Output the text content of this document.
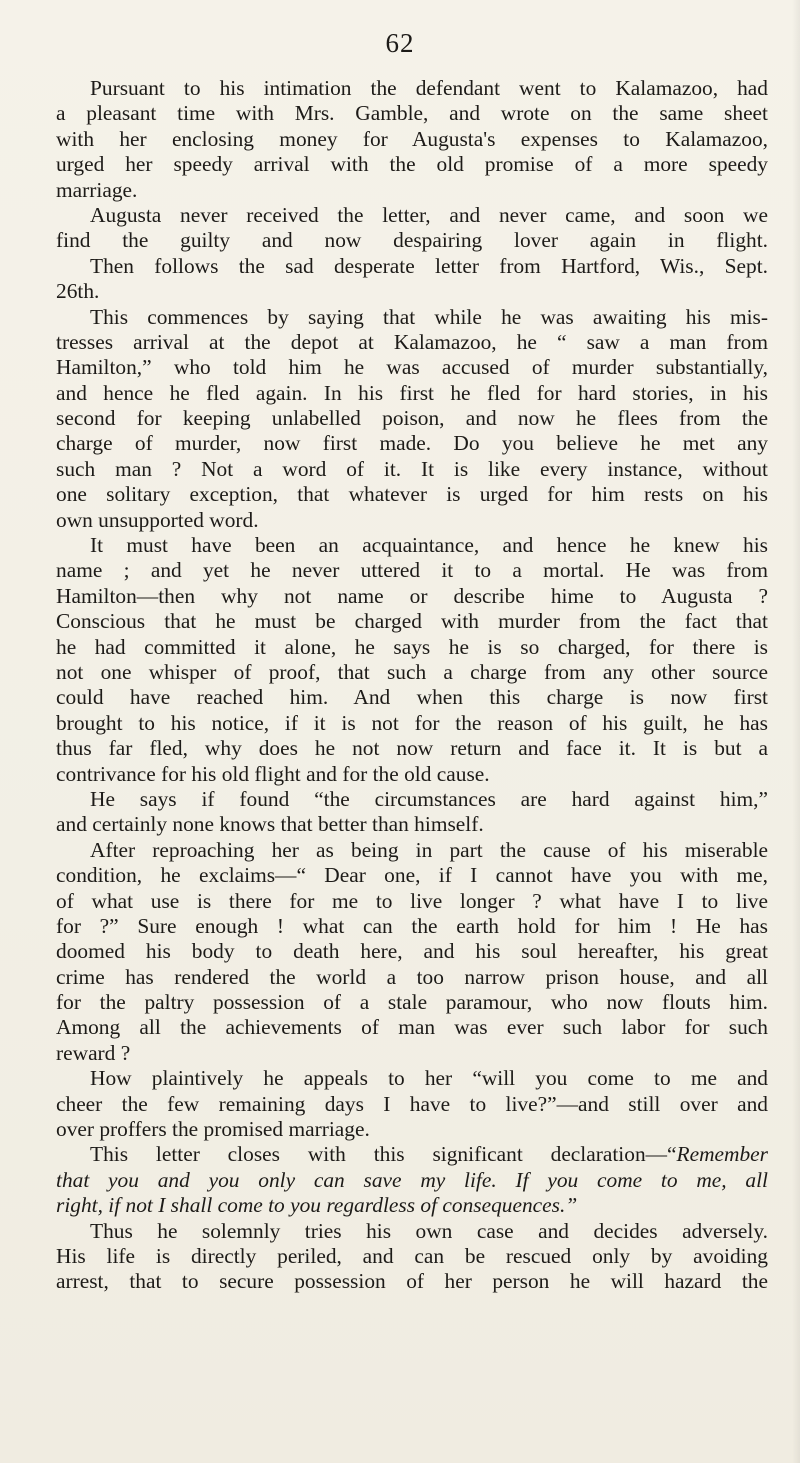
62
Pursuant to his intimation the defendant went to Kalamazoo, had
a pleasant time with Mrs. Gamble, and wrote on the same sheet
with her enclosing money for Augusta's expenses to Kalamazoo,
urged her speedy arrival with the old promise of a more speedy
marriage.
Augusta never received the letter, and never came, and soon we
find the guilty and now despairing lover again in flight.
Then follows the sad desperate letter from Hartford, Wis., Sept.
26th.
This commences by saying that while he was awaiting his mis-
tresses arrival at the depot at Kalamazoo, he “ saw a man from
Hamilton,” who told him he was accused of murder substantially,
and hence he fled again. In his first he fled for hard stories, in his
second for keeping unlabelled poison, and now he flees from the
charge of murder, now first made. Do you believe he met any
such man ? Not a word of it. It is like every instance, without
one solitary exception, that whatever is urged for him rests on his
own unsupported word.
It must have been an acquaintance, and hence he knew his
name ; and yet he never uttered it to a mortal. He was from
Hamilton—then why not name or describe hime to Augusta ?
Conscious that he must be charged with murder from the fact that
he had committed it alone, he says he is so charged, for there is
not one whisper of proof, that such a charge from any other source
could have reached him. And when this charge is now first
brought to his notice, if it is not for the reason of his guilt, he has
thus far fled, why does he not now return and face it. It is but a
contrivance for his old flight and for the old cause.
He says if found “the circumstances are hard against him,”
and certainly none knows that better than himself.
After reproaching her as being in part the cause of his miserable
condition, he exclaims—“ Dear one, if I cannot have you with me,
of what use is there for me to live longer ? what have I to live
for ?” Sure enough ! what can the earth hold for him ! He has
doomed his body to death here, and his soul hereafter, his great
crime has rendered the world a too narrow prison house, and all
for the paltry possession of a stale paramour, who now flouts him.
Among all the achievements of man was ever such labor for such
reward ?
How plaintively he appeals to her “will you come to me and
cheer the few remaining days I have to live?”—and still over and
over proffers the promised marriage.
This letter closes with this significant declaration—“Remember
that you and you only can save my life. If you come to me, all
right, if not I shall come to you regardless of consequences.”
Thus he solemnly tries his own case and decides adversely.
His life is directly periled, and can be rescued only by avoiding
arrest, that to secure possession of her person he will hazard the
